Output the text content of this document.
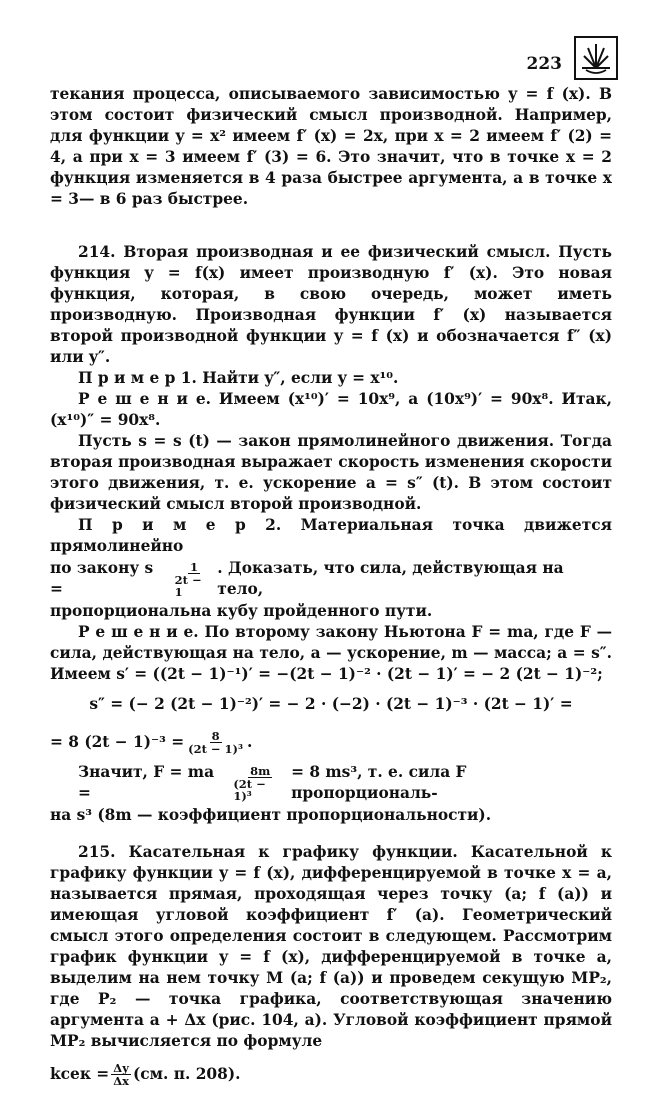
223

текания процесса, описываемого зависимостью y = f (x). В этом состоит физический смысл производной. Например, для функции y = x² имеем f′ (x) = 2x, при x = 2 имеем f′ (2) = 4, а при x = 3 имеем f′ (3) = 6. Это значит, что в точке x = 2 функция изменяется в 4 раза быстрее аргумента, а в точке x = 3— в 6 раз быстрее.

214. Вторая производная и ее физический смысл. Пусть функция y = f(x) имеет производную f′ (x). Это новая функция, которая, в свою очередь, может иметь производную. Производная функции f′ (x) называется второй производной функции y = f (x) и обозначается f″ (x) или y″.

П р и м е р 1. Найти y″, если y = x¹⁰.

Р е ш е н и е. Имеем (x¹⁰)′ = 10x⁹, а (10x⁹)′ = 90x⁸. Итак, (x¹⁰)″ = 90x⁸.

Пусть s = s (t) — закон прямолинейного движения. Тогда вторая производная выражает скорость изменения скорости этого движения, т. е. ускорение a = s″ (t). В этом состоит физический смысл второй производной.

П р и м е р 2. Материальная точка движется прямолинейно

по закону s =	$\frac{1}{2t - 1}$ . Доказать, что сила, действующая на тело,

пропорциональна кубу пройденного пути.

Р е ш е н и е. По второму закону Ньютона F = ma, где F — сила, действующая на тело, a — ускорение, m — масса; a = s″. Имеем s′ = ((2t − 1)⁻¹)′ = −(2t − 1)⁻² · (2t − 1)′ = − 2 (2t − 1)⁻²;

s″ = (− 2 (2t − 1)⁻²)′ = − 2 · (−2) · (2t − 1)⁻³ · (2t − 1)′ =
= 8 $(2t - 1)^{-3} = \frac{8}{\text{(2t − 1)³}}$ .
Значит, F = ma =	$\frac{8m}{\text{(2t − 1)³}} = 8$ ms³, т. е. сила F пропорциональ-

на s³ (8m — коэффициент пропорциональности).

215. Касательная к графику функции. Касательной к графику функции y = f (x), дифференцируемой в точке x = a, называется прямая, проходящая через точку (a; f (a)) и имеющая угловой коэффициент f′ (a). Геометрический смысл этого определения состоит в следующем. Рассмотрим график функции y = f (x), дифференцируемой в точке a, выделим на нем точку M (a; f (a)) и проведем секущую MP₂, где P₂ — точка графика, соответствующая значению аргумента a + Δx (рис. 104, a). Угловой коэффициент прямой MP₂ вычисляется по формуле

kсек = $\frac{\Delta y}{\Delta x} (см$. п. 208).
